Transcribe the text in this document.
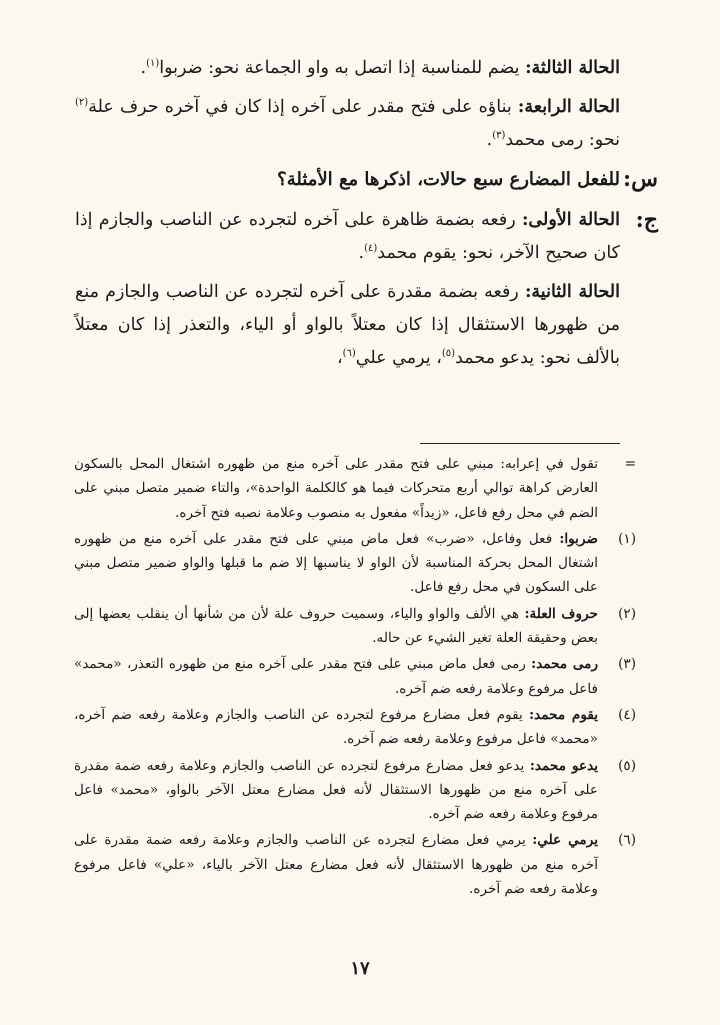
الحالة الثالثة: يضم للمناسبة إذا اتصل به واو الجماعة نحو: ضربوا$^{(١)}$.

الحالة الرابعة: بناؤه على فتح مقدر على آخره إذا كان في آخره حرف علة$^{(٢)}$ نحو: رمى محمد$^{(٣)}$.

س:

للفعل المضارع سبع حالات، اذكرها مع الأمثلة؟

ج:

الحالة الأولى: رفعه بضمة ظاهرة على آخره لتجرده عن الناصب والجازم إذا كان صحيح الآخر، نحو: يقوم محمد$^{(٤)}$.

الحالة الثانية: رفعه بضمة مقدرة على آخره لتجرده عن الناصب والجازم منع من ظهورها الاستثقال إذا كان معتلاً بالواو أو الياء، والتعذر إذا كان معتلاً بالألف نحو: يدعو محمد$^{(٥)}$، يرمي علي$^{(٦)}$،

=
تقول في إعرابه: مبني على فتح مقدر على آخره منع من ظهوره اشتغال المحل بالسكون العارض كراهة توالي أربع متحركات فيما هو كالكلمة الواحدة»، والتاء ضمير متصل مبني على الضم في محل رفع فاعل، «زيداً» مفعول به منصوب وعلامة نصبه فتح آخره.

(١)
ضربوا: فعل وفاعل، «ضرب» فعل ماض مبني على فتح مقدر على آخره منع من ظهوره اشتغال المحل بحركة المناسبة لأن الواو لا يناسبها إلا ضم ما قبلها والواو ضمير متصل مبني على السكون في محل رفع فاعل.

(٢)
حروف العلة: هي الألف والواو والياء، وسميت حروف علة لأن من شأنها أن ينقلب بعضها إلى بعض وحقيقة العلة تغير الشيء عن حاله.

(٣)
رمى محمد: رمى فعل ماض مبني على فتح مقدر على آخره منع من ظهوره التعذر، «محمد» فاعل مرفوع وعلامة رفعه ضم آخره.

(٤)
يقوم محمد: يقوم فعل مضارع مرفوع لتجرده عن الناصب والجازم وعلامة رفعه ضم آخره، «محمد» فاعل مرفوع وعلامة رفعه ضم آخره.

(٥)
يدعو محمد: يدعو فعل مضارع مرفوع لتجرده عن الناصب والجازم وعلامة رفعه ضمة مقدرة على آخره منع من ظهورها الاستثقال لأنه فعل مضارع معتل الآخر بالواو، «محمد» فاعل مرفوع وعلامة رفعه ضم آخره.

(٦)
يرمي علي: يرمي فعل مضارع لتجرده عن الناصب والجازم وعلامة رفعه ضمة مقدرة على آخره منع من ظهورها الاستثقال لأنه فعل مضارع معتل الآخر بالياء، «علي» فاعل مرفوع وعلامة رفعه ضم آخره.

١٧
